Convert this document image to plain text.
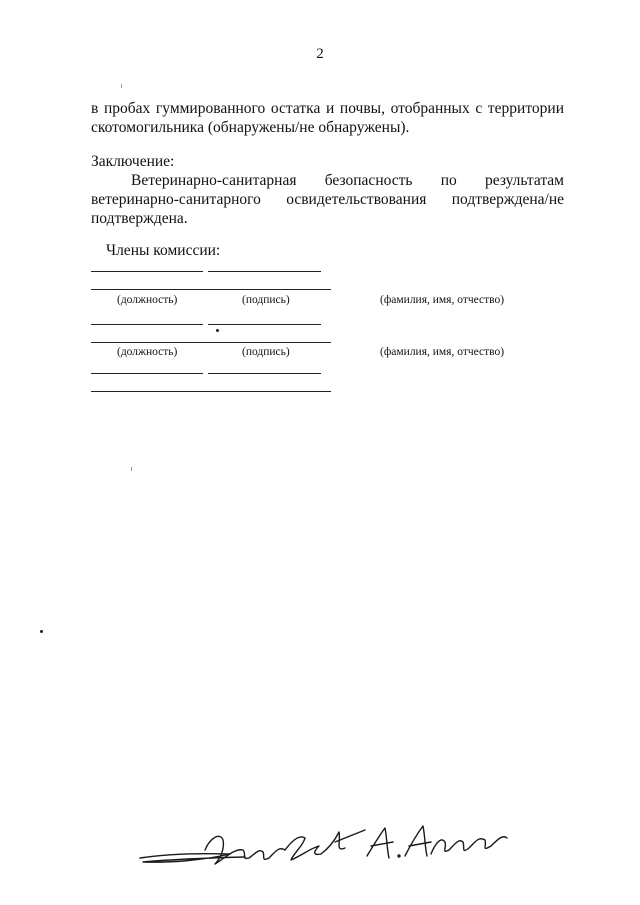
2
в пробах гуммированного остатка и почвы, отобранных с территории
скотомогильника (обнаружены/не обнаружены).
Заключение:
Ветеринарно-санитарная безопасность по результатам
ветеринарно-санитарного освидетельствования подтверждена/не
подтверждена.
Члены комиссии:
(должность)	(подпись)	(фамилия, имя, отчество)
(должность)	(подпись)	(фамилия, имя, отчество)
